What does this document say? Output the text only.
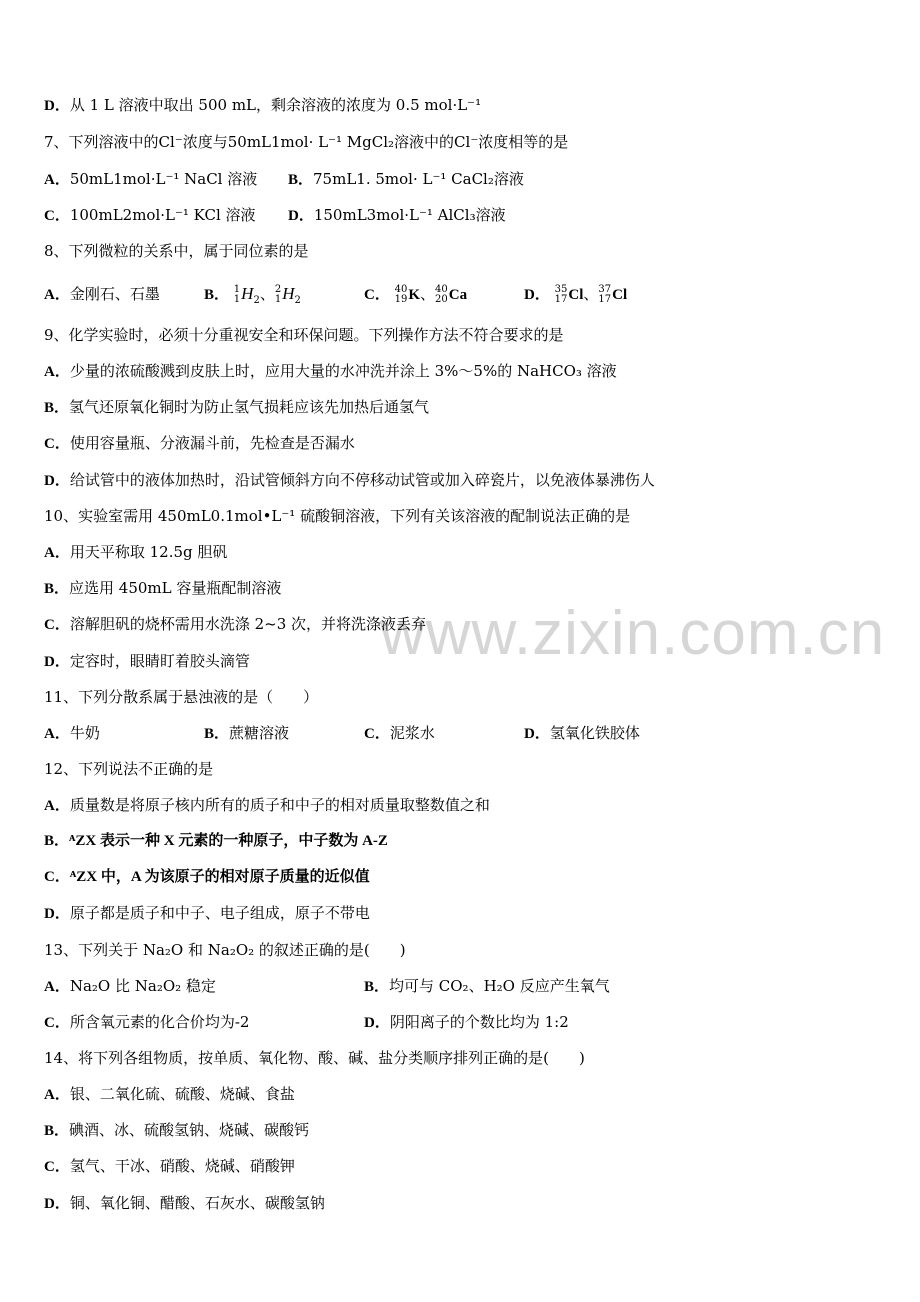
www.zixin.com.cn
D．从 1 L 溶液中取出 500 mL，剩余溶液的浓度为 0.5 mol·L⁻¹
7、下列溶液中的Cl⁻浓度与50mL1mol· L⁻¹ MgCl₂溶液中的Cl⁻浓度相等的是
A．50mL1mol·L⁻¹ NaCl 溶液 B．75mL1. 5mol· L⁻¹ CaCl₂溶液
C．100mL2mol·L⁻¹ KCl 溶液 D．150mL3mol·L⁻¹ AlCl₃溶液
8、下列微粒的关系中，属于同位素的是
A．金刚石、石墨	B． 1
1 $H_2$、 2
1 $H_2$	C． 40
19 K、 40
20 Ca	D． 35
17 Cl、 37
17 Cl
9、化学实验时，必须十分重视安全和环保问题。下列操作方法不符合要求的是
A．少量的浓硫酸溅到皮肤上时，应用大量的水冲洗并涂上 3%～5%的 NaHCO₃ 溶液
B．氢气还原氧化铜时为防止氢气损耗应该先加热后通氢气
C．使用容量瓶、分液漏斗前，先检查是否漏水
D．给试管中的液体加热时，沿试管倾斜方向不停移动试管或加入碎瓷片，以免液体暴沸伤人
10、实验室需用 450mL0.1mol•L⁻¹ 硫酸铜溶液，下列有关该溶液的配制说法正确的是
A．用天平称取 12.5g 胆矾
B．应选用 450mL 容量瓶配制溶液
C．溶解胆矾的烧杯需用水洗涤 2~3 次，并将洗涤液丢弃
D．定容时，眼睛盯着胶头滴管
11、下列分散系属于悬浊液的是（　　）
A．牛奶	B．蔗糖溶液	C．泥浆水	D．氢氧化铁胶体
12、下列说法不正确的是
A．质量数是将原子核内所有的质子和中子的相对质量取整数值之和
B．ᴬZX 表示一种 X 元素的一种原子，中子数为 A-Z
C．ᴬZX 中，A 为该原子的相对原子质量的近似值
D．原子都是质子和中子、电子组成，原子不带电
13、下列关于 Na₂O 和 Na₂O₂ 的叙述正确的是(　　)
A．Na₂O 比 Na₂O₂ 稳定	B．均可与 CO₂、H₂O 反应产生氧气
C．所含氧元素的化合价均为-2	D．阴阳离子的个数比均为 1:2
14、将下列各组物质，按单质、氧化物、酸、碱、盐分类顺序排列正确的是(　　)
A．银、二氧化硫、硫酸、烧碱、食盐
B．碘酒、冰、硫酸氢钠、烧碱、碳酸钙
C．氢气、干冰、硝酸、烧碱、硝酸钾
D．铜、氧化铜、醋酸、石灰水、碳酸氢钠
